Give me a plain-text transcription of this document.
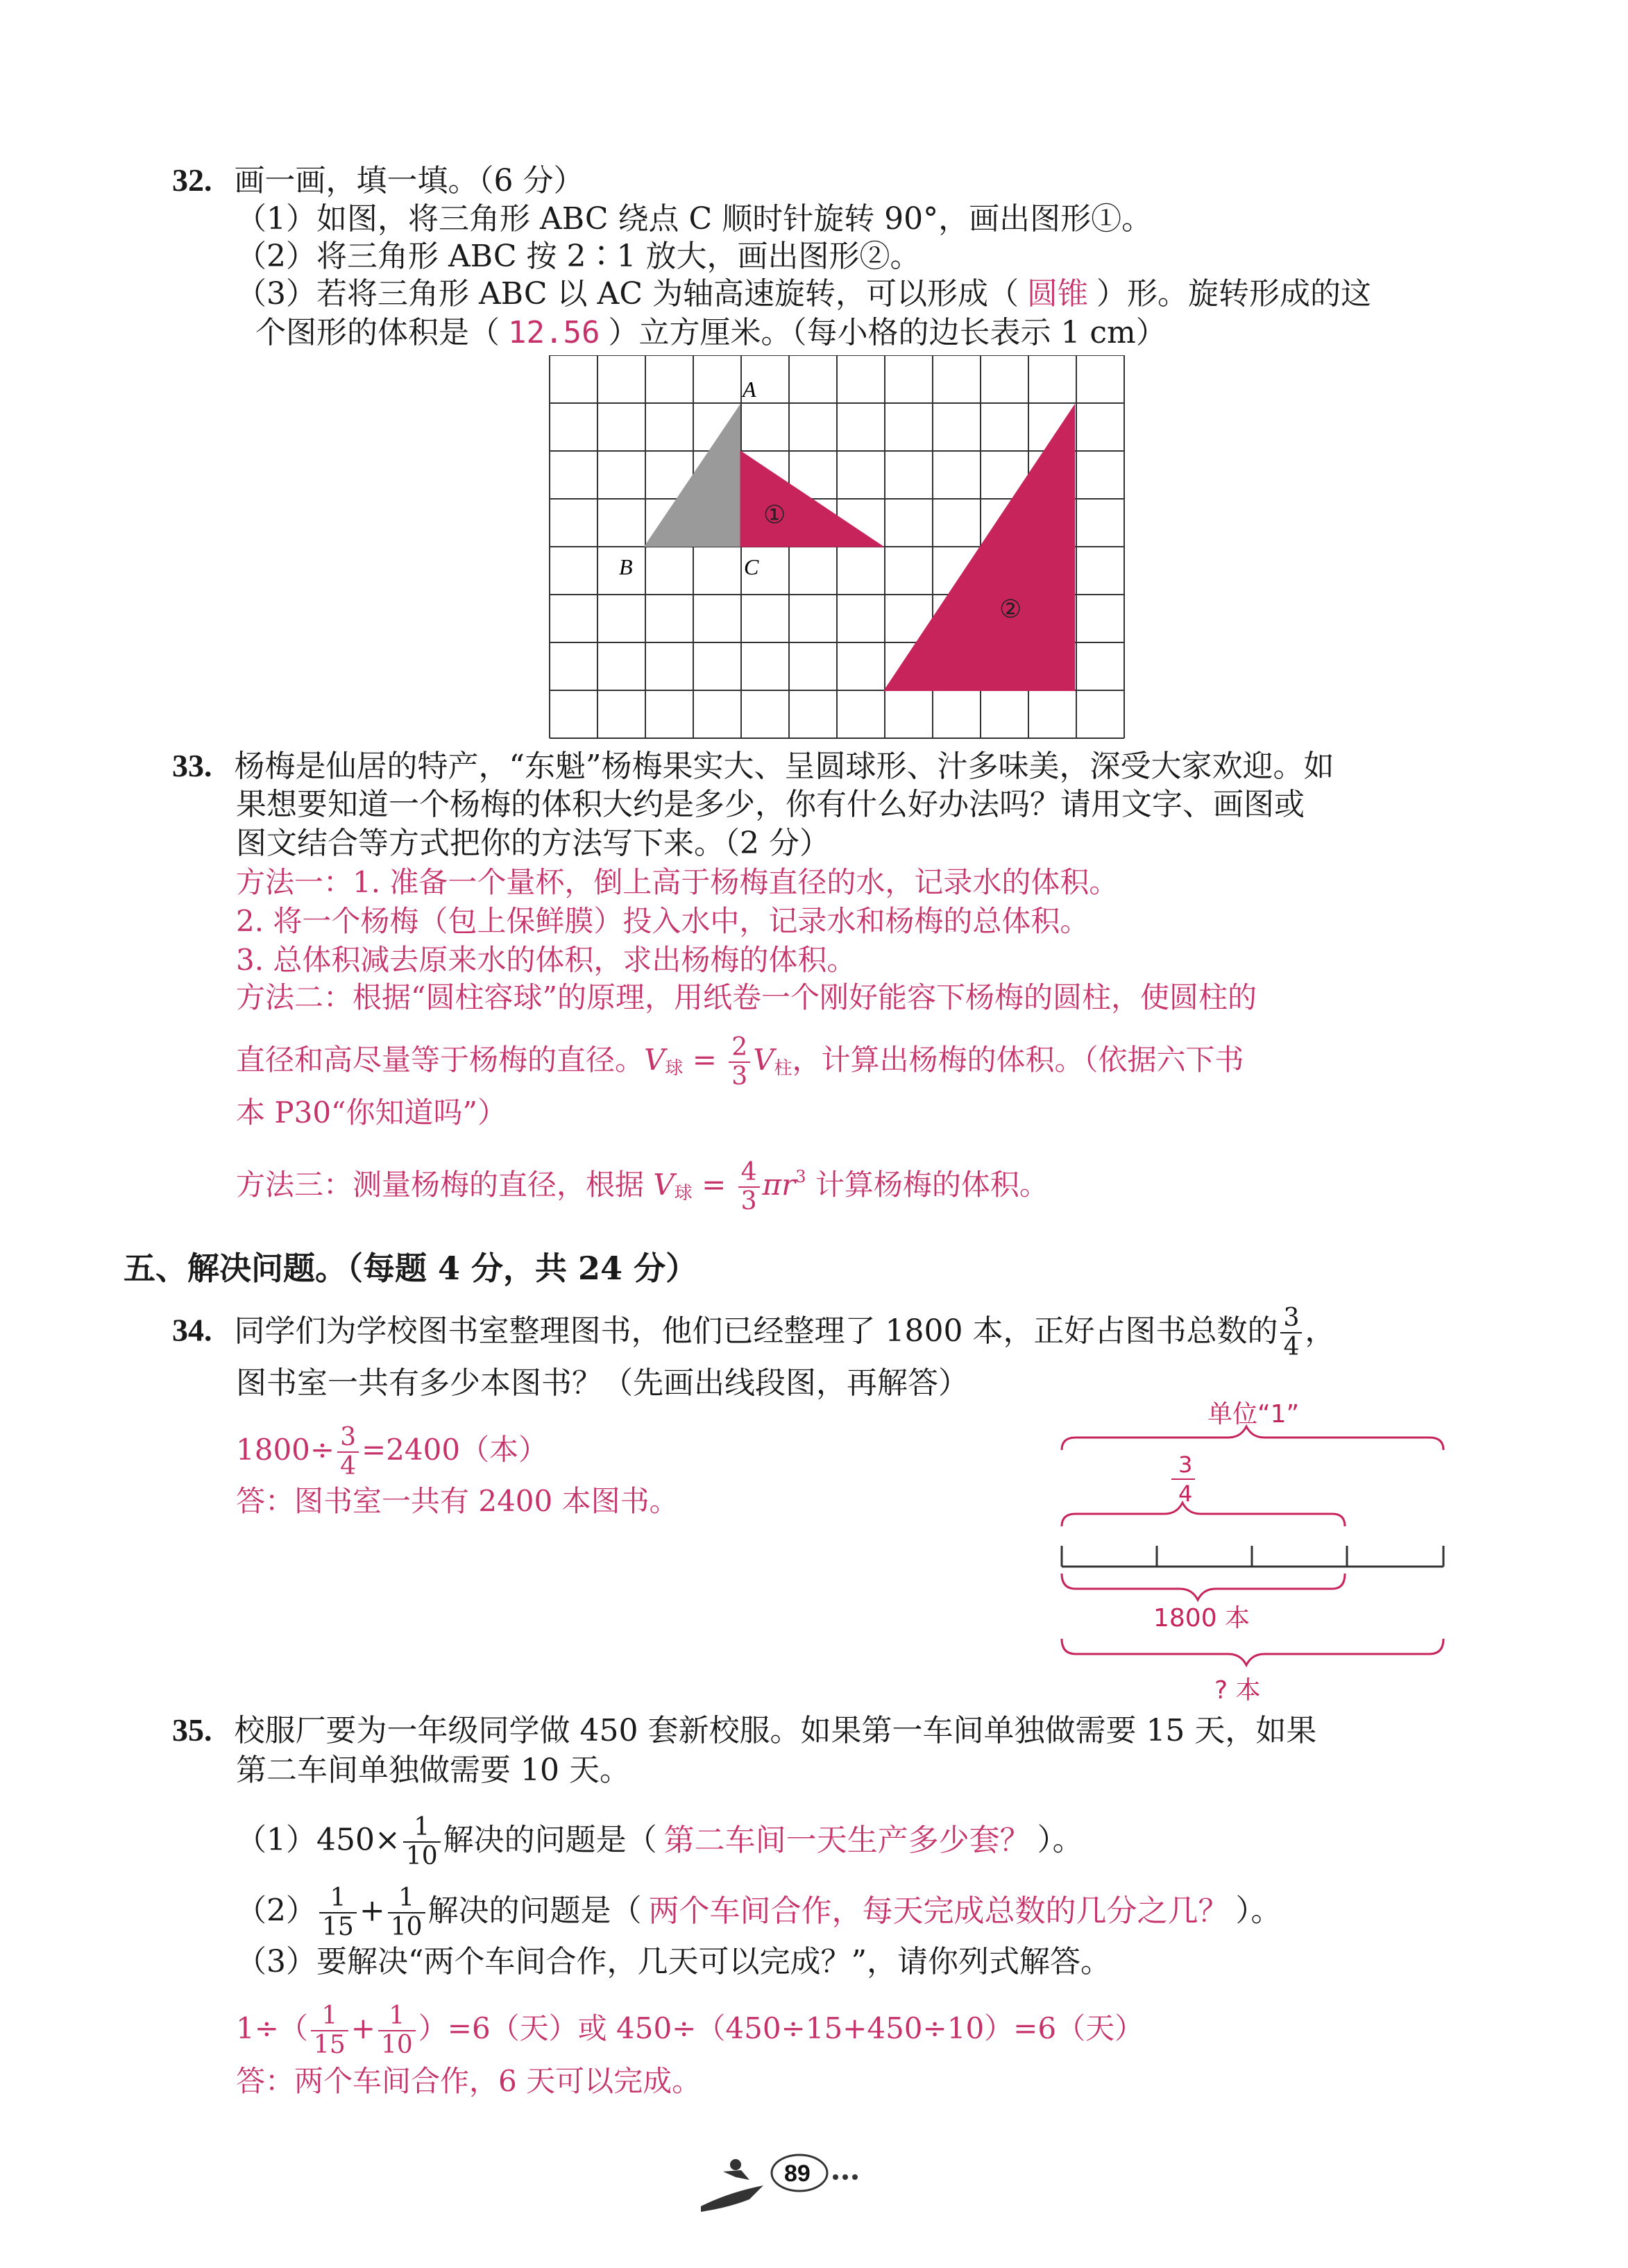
32. 画一画，填一填。（6 分）
（1）如图，将三角形 ABC 绕点 C 顺时针旋转 90°，画出图形①。
（2）将三角形 ABC 按 2∶1 放大，画出图形②。
（3）若将三角形 ABC 以 AC 为轴高速旋转，可以形成（ 圆锥 ）形。旋转形成的这
个图形的体积是（ 12.56 ）立方厘米。（每小格的边长表示 1 cm）
A
B	C
①
②
33. 杨梅是仙居的特产，“东魁”杨梅果实大、呈圆球形、汁多味美，深受大家欢迎。如
果想要知道一个杨梅的体积大约是多少，你有什么好办法吗？请用文字、画图或
图文结合等方式把你的方法写下来。（2 分）
方法一：1. 准备一个量杯，倒上高于杨梅直径的水，记录水的体积。
2. 将一个杨梅（包上保鲜膜）投入水中，记录水和杨梅的总体积。
3. 总体积减去原来水的体积，求出杨梅的体积。
方法二：根据“圆柱容球”的原理，用纸卷一个刚好能容下杨梅的圆柱，使圆柱的
直径和高尽量等于杨梅的直径。$V_球 = \frac{2}{3} V_柱$，计算出杨梅的体积。（依据六下书
本 P30“你知道吗”）
方法三：测量杨梅的直径，根据 $V_球 = \frac{4}{3} \pi r^3$ 计算杨梅的体积。
五、解决问题。（每题 4 分，共 24 分）
34. 同学们为学校图书室整理图书，他们已经整理了 1800 本，正好占图书总数的 $\frac{3}{4}$ ，
图书室一共有多少本图书？（先画出线段图，再解答）
$1800\div \frac{3}{4} =2400$（本）
答：图书室一共有 2400 本图书。
单位“1”
3
4
1800 本
? 本
35. 校服厂要为一年级同学做 450 套新校服。如果第一车间单独做需要 15 天，如果
第二车间单独做需要 10 天。
$(1)450\times \frac{1}{10}$ 解决的问题是（ 第二车间一天生产多少套？ ）。
$(2) \frac{1}{15} + \frac{1}{10}$ 解决的问题是（ 两个车间合作，每天完成总数的几分之几？ ）。
（3）要解决“两个车间合作，几天可以完成？”，请你列式解答。
$1\div( \frac{1}{15} + \frac{1}{10} )=6$（天）或 450÷（450÷15+450÷10）=6（天）
答：两个车间合作，6 天可以完成。
89
